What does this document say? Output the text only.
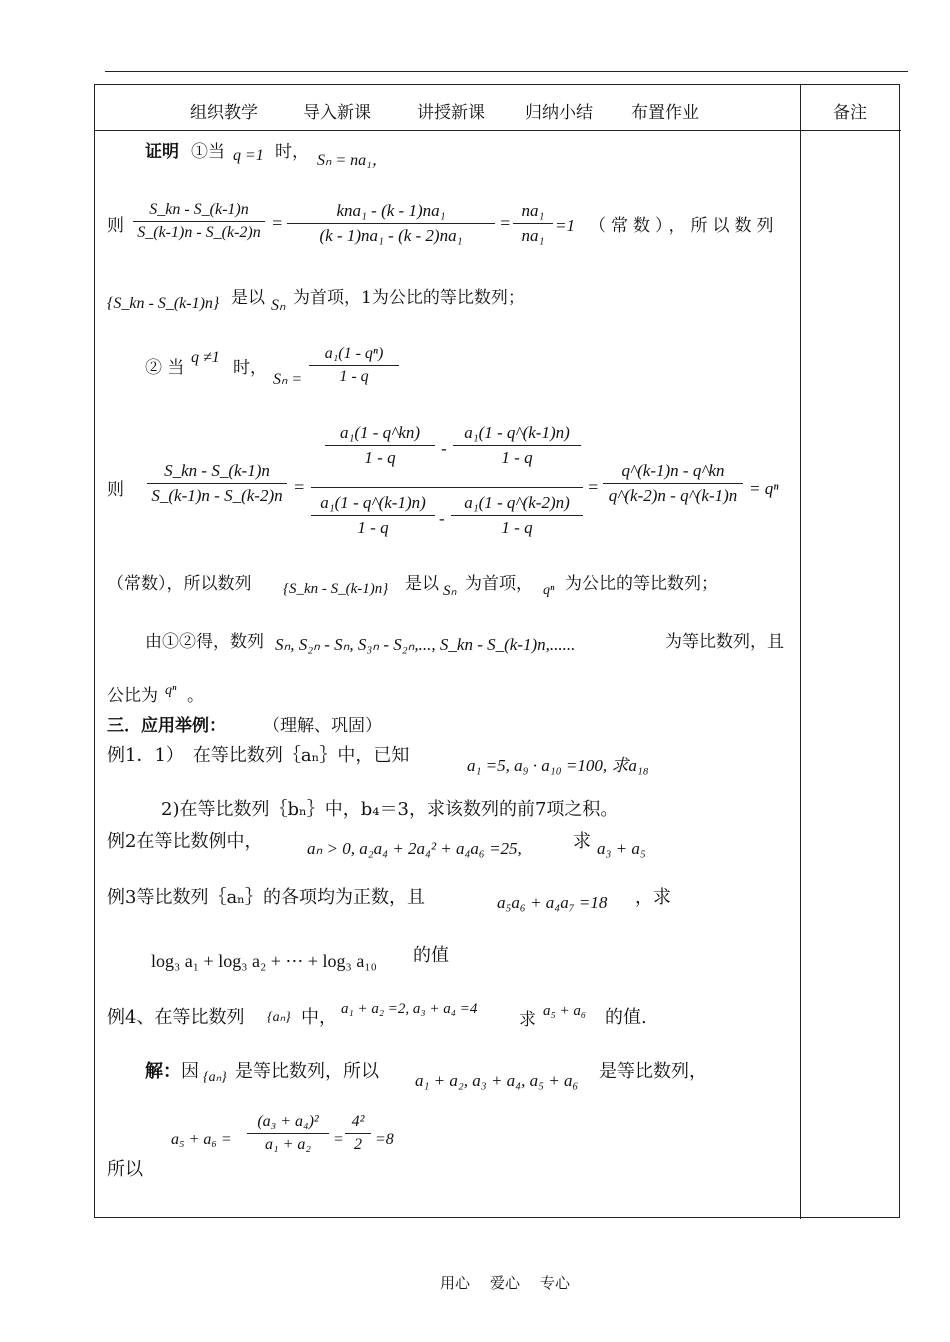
组织教学	导入新课	讲授新课 归纳小结 布置作业	备注
证明 ①当 q =1 时， Sₙ = na₁，
则
S_kn - S_(k-1)n
S_(k-1)n - S_(k-2)n =
kna₁ - (k - 1)na₁
(k - 1)na₁ - (k - 2)na₁
=
na₁
na₁
=1 （常数），所以数列
{S_kn - S_(k-1)n} 是以 Sₙ 为首项，1为公比的等比数列；
② 当
q ≠1
时，
Sₙ =
a₁(1 - qⁿ)
1 - q
则
S_kn - S_(k-1)n
S_(k-1)n - S_(k-2)n =
a₁(1 - q^kn)
1 - q	-
a₁(1 - q^(k-1)n)
1 - q
a₁(1 - q^(k-1)n)
1 - q	-
a₁(1 - q^(k-2)n)
1 - q
=
q^(k-1)n - q^kn
q^(k-2)n - q^(k-1)n = qⁿ
（常数），所以数列 {S_kn - S_(k-1)n} 是以 Sₙ 为首项， qⁿ 为公比的等比数列；
由①②得，数列 Sₙ, S₂ₙ - Sₙ, S₃ₙ - S₂ₙ,..., S_kn - S_(k-1)n,......	为等比数列，且
公比为 qⁿ 。
三．应用举例： （理解、巩固）
例1．1）　在等比数列｛aₙ｝中，已知	a₁ =5, a₉ · a₁₀ =100, 求a₁₈
2)在等比数列｛bₙ｝中，b₄＝3，求该数列的前7项之积。
例2在等比数例中，	aₙ > 0, a₂a₄ + 2a₄² + a₄a₆ =25,	求 a₃ + a₅
例3等比数列｛aₙ｝的各项均为正数，且	a₅a₆ + a₄a₇ =18 ，求
log₃ a₁ + log₃ a₂ + ⋯ + log₃ a₁₀ 的值
例4、在等比数列 {aₙ} 中， a₁ + a₂ =2, a₃ + a₄ =4
求 a₅ + a₆ 的值.
解： 因 {aₙ} 是等比数列，所以 a₁ + a₂, a₃ + a₄, a₅ + a₆ 是等比数列，
a₅ + a₆ =
(a₃ + a₄)²
a₁ + a₂	=
4²
2 =8
所以
用心 爱心 专心
